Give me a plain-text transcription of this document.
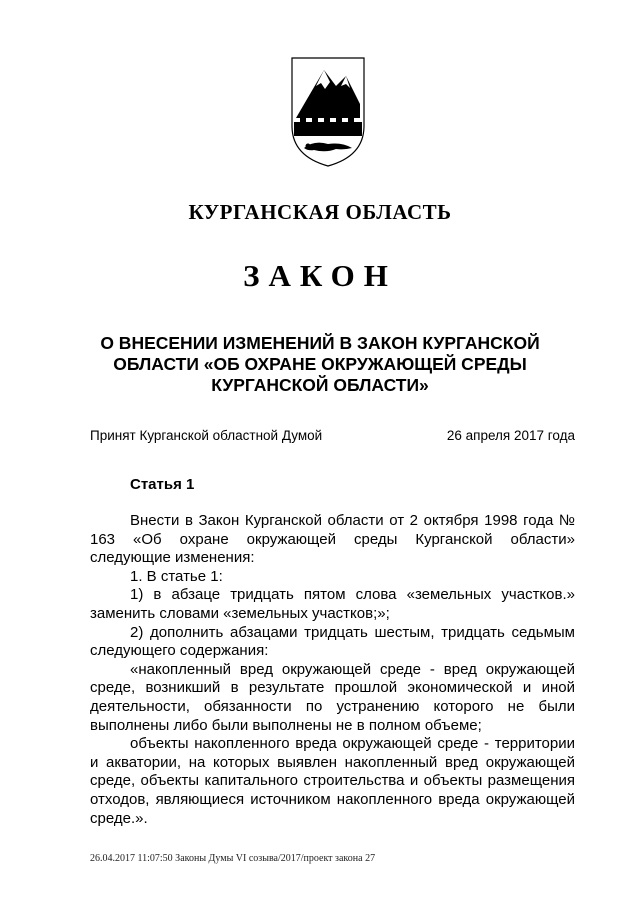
КУРГАНСКАЯ ОБЛАСТЬ
ЗАКОН
О ВНЕСЕНИИ ИЗМЕНЕНИЙ В ЗАКОН КУРГАНСКОЙ ОБЛАСТИ «ОБ ОХРАНЕ ОКРУЖАЮЩЕЙ СРЕДЫ КУРГАНСКОЙ ОБЛАСТИ»
Принят Курганской областной Думой	26 апреля 2017 года
Статья 1

Внести в Закон Курганской области от 2 октября 1998 года № 163 «Об охране окружающей среды Курганской области» следующие изменения:

1. В статье 1:

1) в абзаце тридцать пятом слова «земельных участков.» заменить словами «земельных участков;»;

2) дополнить абзацами тридцать шестым, тридцать седьмым следующего содержания:

«накопленный вред окружающей среде - вред окружающей среде, возникший в результате прошлой экономической и иной деятельности, обязанности по устранению которого не были выполнены либо были выполнены не в полном объеме;

объекты накопленного вреда окружающей среде - территории и акватории, на которых выявлен накопленный вред окружающей среде, объекты капитального строительства и объекты размещения отходов, являющиеся источником накопленного вреда окружающей среде.».

26.04.2017 11:07:50 Законы Думы VI созыва/2017/проект закона 27
